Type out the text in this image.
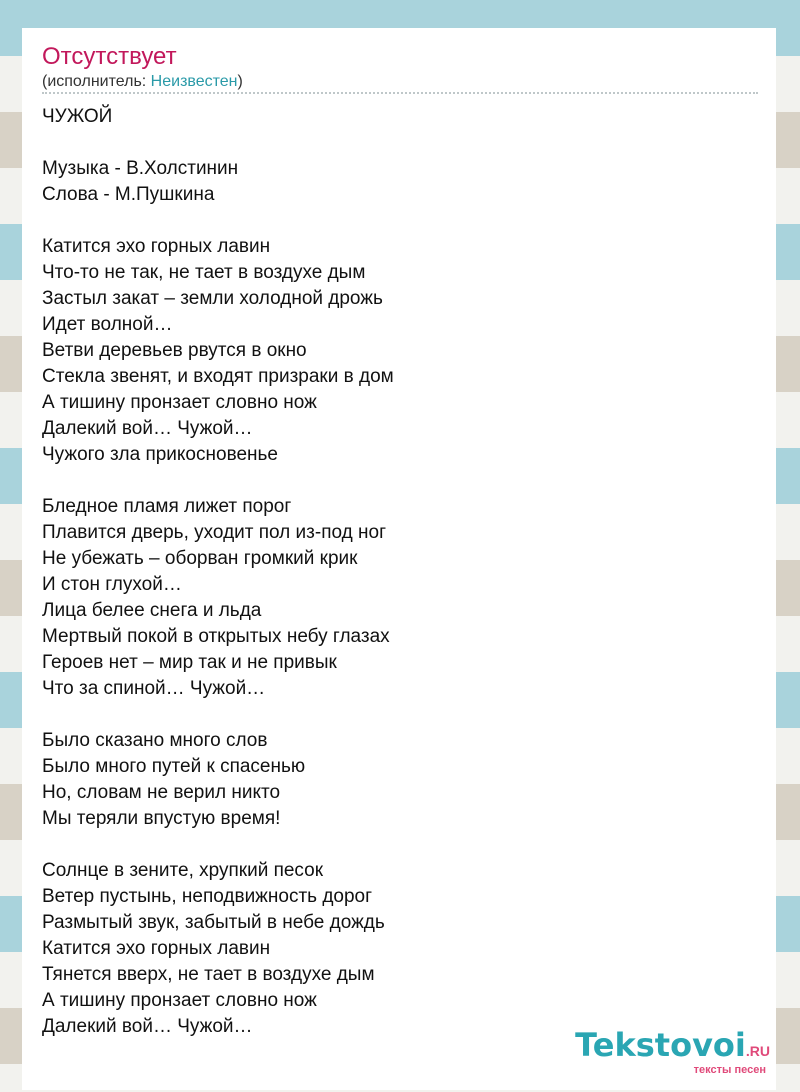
Отсутствует
(исполнитель: Неизвестен)
ЧУЖОЙ
Музыка - В.Холстинин
Слова - М.Пушкина
Катится эхо горных лавин
Что-то не так, не тает в воздухе дым
Застыл закат – земли холодной дрожь
Идет волной…
Ветви деревьев рвутся в окно
Стекла звенят, и входят призраки в дом
А тишину пронзает словно нож
Далекий вой… Чужой…
Чужого зла прикосновенье
Бледное пламя лижет порог
Плавится дверь, уходит пол из-под ног
Не убежать – оборван громкий крик
И стон глухой…
Лица белее снега и льда
Мертвый покой в открытых небу глазах
Героев нет – мир так и не привык
Что за спиной… Чужой…
Было сказано много слов
Было много путей к спасенью
Но, словам не верил никто
Мы теряли впустую время!
Солнце в зените, хрупкий песок
Ветер пустынь, неподвижность дорог
Размытый звук, забытый в небе дождь
Катится эхо горных лавин
Тянется вверх, не тает в воздухе дым
А тишину пронзает словно нож
Далекий вой… Чужой…	Tekstovoi.RU
тексты песен
